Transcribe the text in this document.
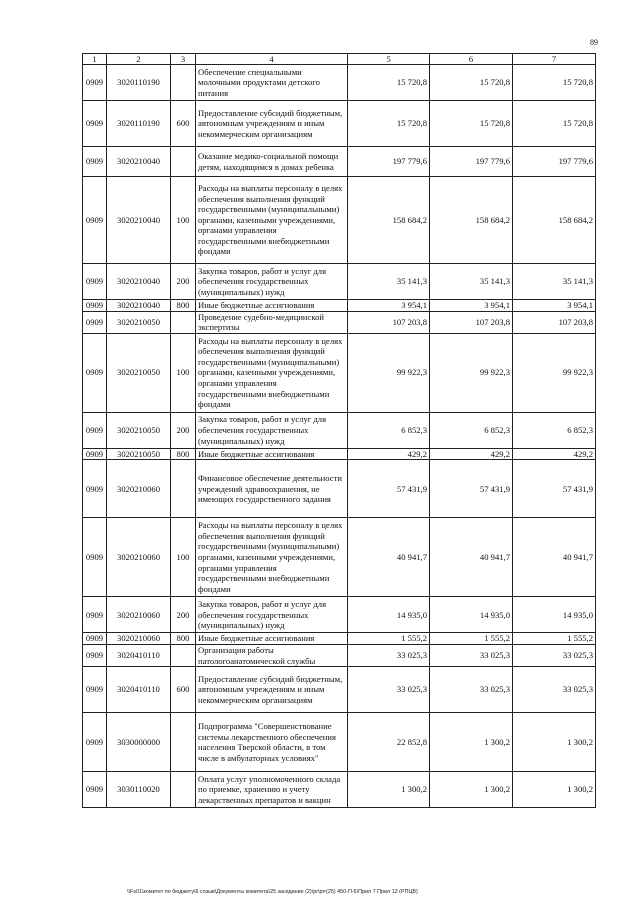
89
1	2	3	4	5	6	7
0909	3020110190		Обеспечение специальными молочными продуктами детского питания	15 720,8	15 720,8	15 720,8
0909	3020110190	600	Предоставление субсидий бюджетным, автономным учреждениям и иным некоммерческим организациям	15 720,8	15 720,8	15 720,8
0909	3020210040		Оказание медико-социальной помощи детям, находящимся в домах ребенка	197 779,6	197 779,6	197 779,6
0909	3020210040	100	Расходы на выплаты персоналу в целях обеспечения выполнения функций государственными (муниципальными) органами, казенными учреждениями, органами управления государственными внебюджетными фондами	158 684,2	158 684,2	158 684,2
0909	3020210040	200	Закупка товаров, работ и услуг для обеспечения государственных (муниципальных) нужд	35 141,3	35 141,3	35 141,3
0909	3020210040	800	Иные бюджетные ассигнования	3 954,1	3 954,1	3 954,1
0909	3020210050		Проведение судебно-медицинской экспертизы	107 203,8	107 203,8	107 203,8
0909	3020210050	100	Расходы на выплаты персоналу в целях обеспечения выполнения функций государственными (муниципальными) органами, казенными учреждениями, органами управления государственными внебюджетными фондами	99 922,3	99 922,3	99 922,3
0909	3020210050	200	Закупка товаров, работ и услуг для обеспечения государственных (муниципальных) нужд	6 852,3	6 852,3	6 852,3
0909	3020210050	800	Иные бюджетные ассигнования	429,2	429,2	429,2
0909	3020210060		Финансовое обеспечение деятельности учреждений здравоохранения, не имеющих государственного задания	57 431,9	57 431,9	57 431,9
0909	3020210060	100	Расходы на выплаты персоналу в целях обеспечения выполнения функций государственными (муниципальными) органами, казенными учреждениями, органами управления государственными внебюджетными фондами	40 941,7	40 941,7	40 941,7
0909	3020210060	200	Закупка товаров, работ и услуг для обеспечения государственных (муниципальных) нужд	14 935,0	14 935,0	14 935,0
0909	3020210060	800	Иные бюджетные ассигнования	1 555,2	1 555,2	1 555,2
0909	3020410110		Организация работы патологоанатомической службы	33 025,3	33 025,3	33 025,3
0909	3020410110	600	Предоставление субсидий бюджетным, автономным учреждениям и иным некоммерческим организациям	33 025,3	33 025,3	33 025,3
0909	3030000000		Подпрограмма "Совершенствование системы лекарственного обеспечения населения Тверской области, в том числе в амбулаторных условиях"	22 852,8	1 300,2	1 300,2
0909	3030110020		Оплата услуг уполномоченного склада по приемке, хранению и учету лекарственных препаратов и вакцин	1 300,2	1 300,2	1 300,2
\\Fs01\комитет по бюджету\6 созыв\Документы комитета\25 заседание (2)\pr\prr(25) 450-П-6\Прил 7 Прил 12 (РПЦВ)
